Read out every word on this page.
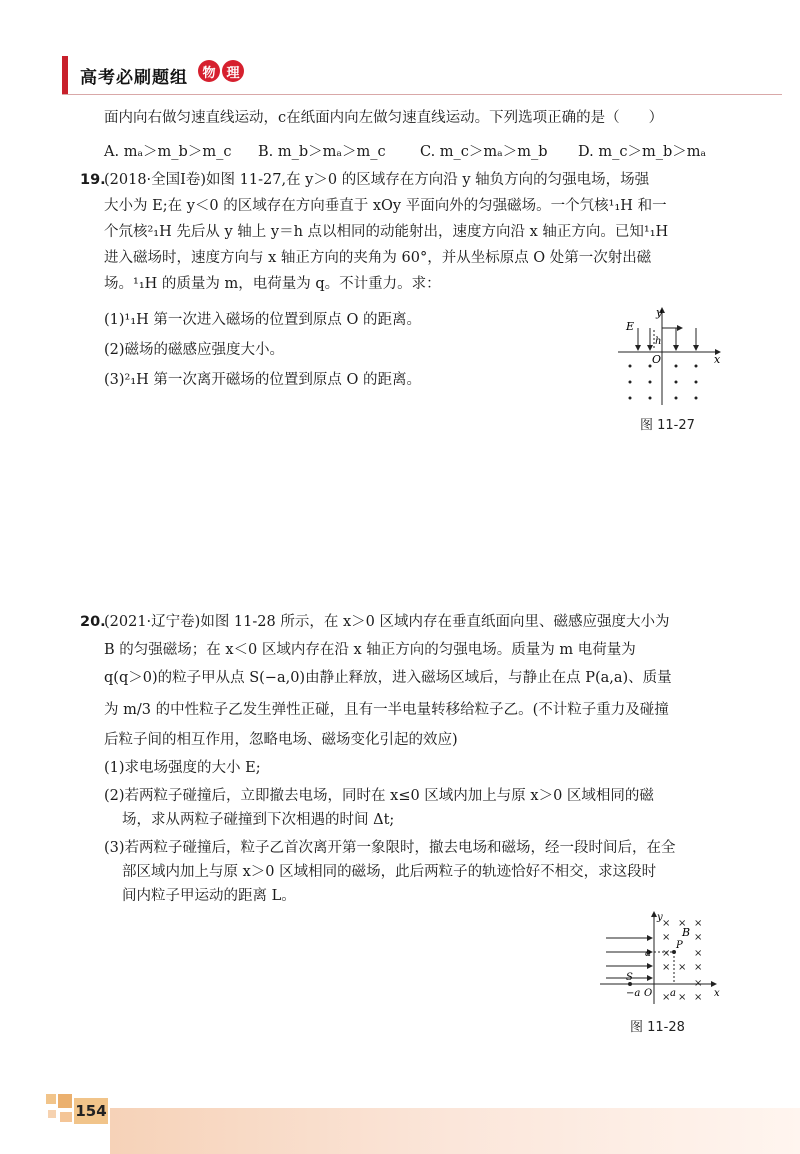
高考必刷题组	物 理
面内向右做匀速直线运动，c在纸面内向左做匀速直线运动。下列选项正确的是（　　）
A. mₐ＞m_b＞m_c B. m_b＞mₐ＞m_c C. m_c＞mₐ＞m_b D. m_c＞m_b＞mₐ
19.
(2018·全国Ⅰ卷)如图 11-27,在 y＞0 的区域存在方向沿 y 轴负方向的匀强电场，场强
大小为 E;在 y＜0 的区域存在方向垂直于 xOy 平面向外的匀强磁场。一个氕核¹₁H 和一
个氘核²₁H 先后从 y 轴上 y＝h 点以相同的动能射出，速度方向沿 x 轴正方向。已知¹₁H
进入磁场时，速度方向与 x 轴正方向的夹角为 60°，并从坐标原点 O 处第一次射出磁
场。¹₁H 的质量为 m，电荷量为 q。不计重力。求：
(1)¹₁H 第一次进入磁场的位置到原点 O 的距离。
(2)磁场的磁感应强度大小。
(3)²₁H 第一次离开磁场的位置到原点 O 的距离。
E
y
h
O	x
图 11-27
20.
(2021·辽宁卷)如图 11-28 所示，在 x＞0 区域内存在垂直纸面向里、磁感应强度大小为
B 的匀强磁场；在 x＜0 区域内存在沿 x 轴正方向的匀强电场。质量为 m 电荷量为
q(q＞0)的粒子甲从点 S(−a,0)由静止释放，进入磁场区域后，与静止在点 P(a,a)、质量
为 m/3 的中性粒子乙发生弹性正碰，且有一半电量转移给粒子乙。(不计粒子重力及碰撞
后粒子间的相互作用，忽略电场、磁场变化引起的效应)
(1)求电场强度的大小 E;
(2)若两粒子碰撞后，立即撤去电场，同时在 x≤0 区域内加上与原 x＞0 区域相同的磁
场，求从两粒子碰撞到下次相遇的时间 Δt;
(3)若两粒子碰撞后，粒子乙首次离开第一象限时，撤去电场和磁场，经一段时间后，在全
部区域内加上与原 x＞0 区域相同的磁场，此后两粒子的轨迹恰好不相交，求这段时
间内粒子甲运动的距离 L。
× × ×
× ×
× ×
× × ×
×
× × ×
y
B
P
a
S
−a O a	x
图 11-28
154
